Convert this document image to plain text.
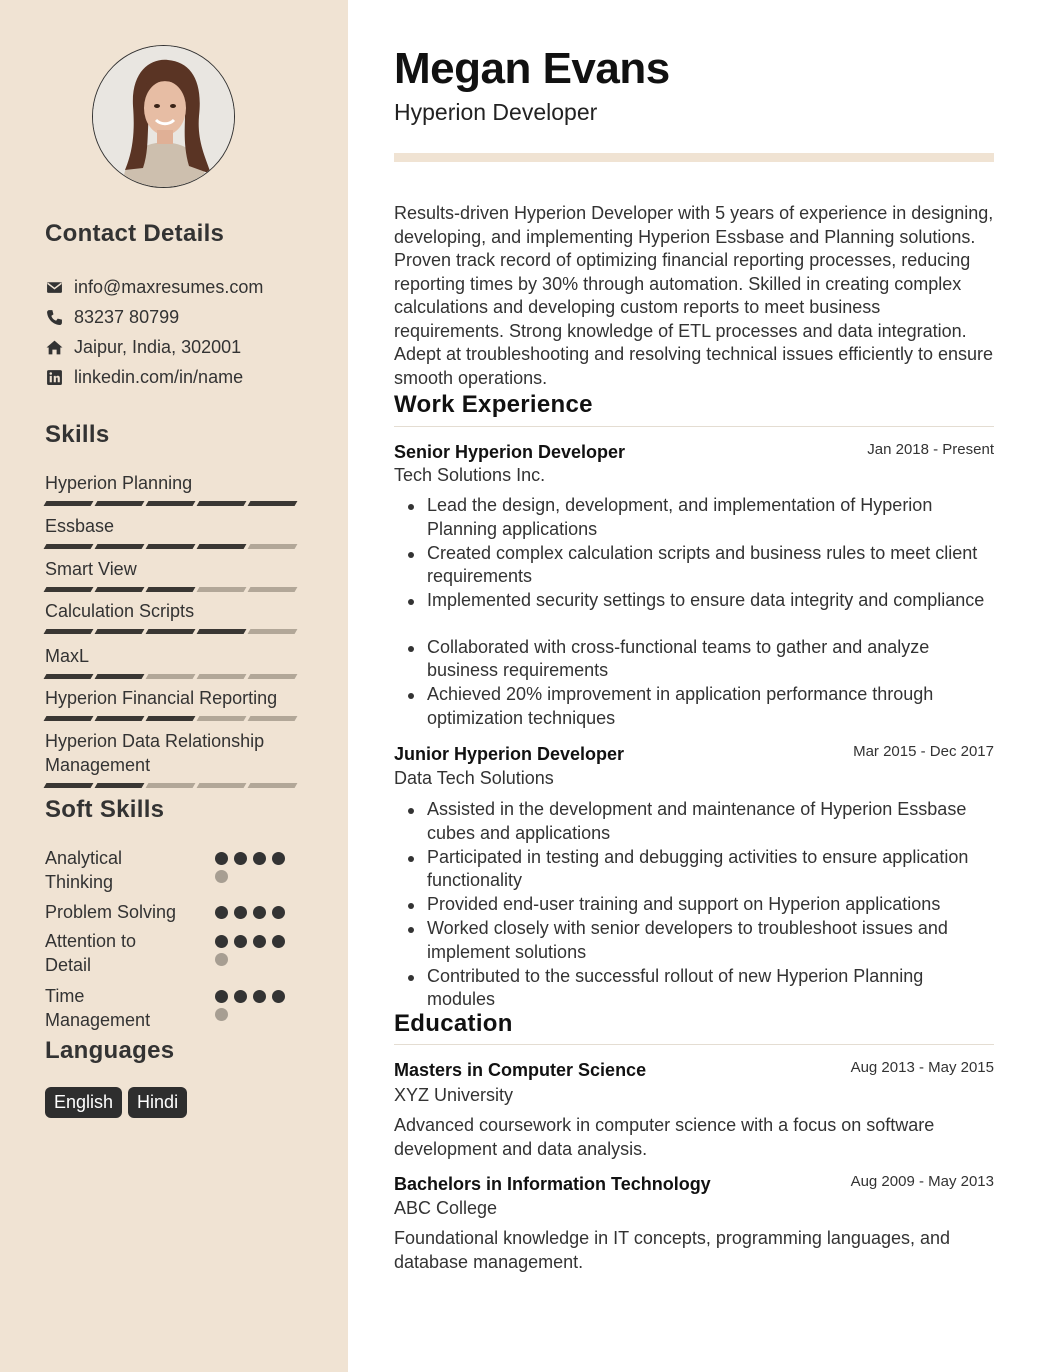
Contact Details
info@maxresumes.com
83237 80799
Jaipur, India, 302001
linkedin.com/in/name
Skills
Hyperion Planning
Essbase
Smart View
Calculation Scripts
MaxL
Hyperion Financial Reporting
Hyperion Data Relationship Management
Soft Skills
Analytical Thinking
Problem Solving
Attention to Detail
Time Management
Languages
English	Hindi
Megan Evans
Hyperion Developer
Results-driven Hyperion Developer with 5 years of experience in designing, developing, and implementing Hyperion Essbase and Planning solutions. Proven track record of optimizing financial reporting processes, reducing reporting times by 30% through automation. Skilled in creating complex calculations and developing custom reports to meet business requirements. Strong knowledge of ETL processes and data integration. Adept at troubleshooting and resolving technical issues efficiently to ensure smooth operations.
Work Experience
Senior Hyperion Developer	Jan 2018 - Present
Tech Solutions Inc.
Lead the design, development, and implementation of Hyperion Planning applications
Created complex calculation scripts and business rules to meet client requirements
Implemented security settings to ensure data integrity and compliance
Collaborated with cross-functional teams to gather and analyze business requirements
Achieved 20% improvement in application performance through optimization techniques
Junior Hyperion Developer	Mar 2015 - Dec 2017
Data Tech Solutions
Assisted in the development and maintenance of Hyperion Essbase cubes and applications
Participated in testing and debugging activities to ensure application functionality
Provided end-user training and support on Hyperion applications
Worked closely with senior developers to troubleshoot issues and implement solutions
Contributed to the successful rollout of new Hyperion Planning modules
Education
Masters in Computer Science	Aug 2013 - May 2015
XYZ University
Advanced coursework in computer science with a focus on software development and data analysis.
Bachelors in Information Technology	Aug 2009 - May 2013
ABC College
Foundational knowledge in IT concepts, programming languages, and database management.
